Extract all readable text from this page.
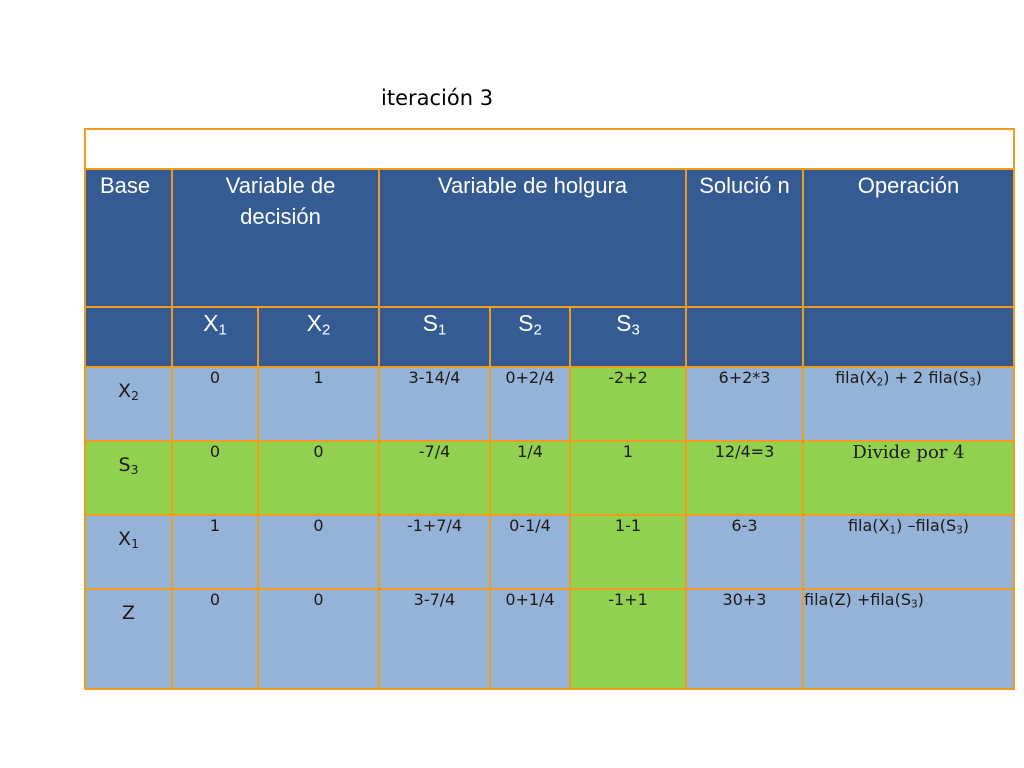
iteración 3

Base	Variable de decisión		Variable de holgura			Solució n	Operación
	$X_1$	$X_2$	$S_1$	$S_2$	$S_3$		
$X_2$	0	1	3-14/4	0+2/4	-2+2	6+2*3	$fila(X_2) + 2$ $fila(S_3)$
$S_3$	0	0	-7/4	1/4	1	12/4=3	Divide por 4
$X_1$	1	0	-1+7/4	0-1/4	1-1	6-3	$fila(X_1)$ $-fila(S_3)$
Z	0	0	3-7/4	0+1/4	-1+1	30+3	fila(Z) $+fila(S_3)$
